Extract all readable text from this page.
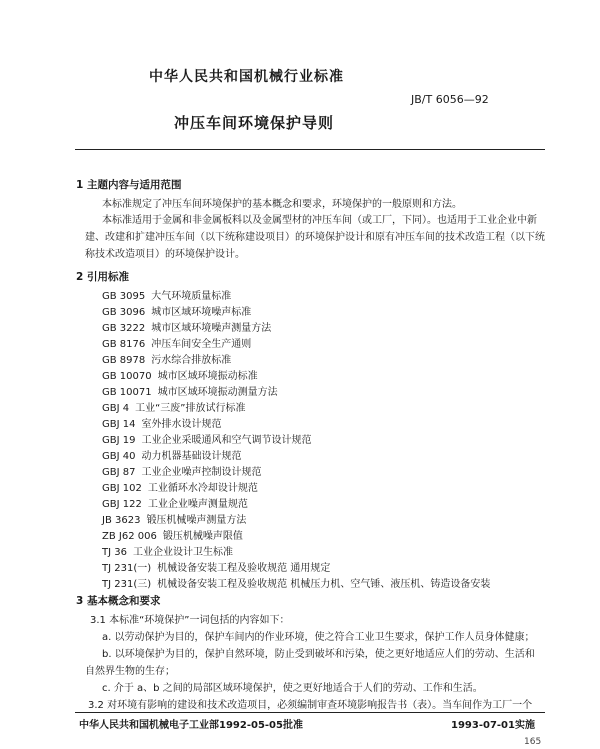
中华人民共和国机械行业标准
JB/T 6056—92
冲压车间环境保护导则
1 主题内容与适用范围
本标准规定了冲压车间环境保护的基本概念和要求，环境保护的一般原则和方法。
本标准适用于金属和非金属板料以及金属型材的冲压车间（或工厂，下同）。也适用于工业企业中新
建、改建和扩建冲压车间（以下统称建设项目）的环境保护设计和原有冲压车间的技术改造工程（以下统
称技术改造项目）的环境保护设计。
2 引用标准
GB 3095 大气环境质量标准
GB 3096 城市区域环境噪声标准
GB 3222 城市区域环境噪声测量方法
GB 8176 冲压车间安全生产通则
GB 8978 污水综合排放标准
GB 10070 城市区域环境振动标准
GB 10071 城市区域环境振动测量方法
GBJ 4 工业“三废”排放试行标准
GBJ 14 室外排水设计规范
GBJ 19 工业企业采暖通风和空气调节设计规范
GBJ 40 动力机器基础设计规范
GBJ 87 工业企业噪声控制设计规范
GBJ 102 工业循环水冷却设计规范
GBJ 122 工业企业噪声测量规范
JB 3623 锻压机械噪声测量方法
ZB J62 006 锻压机械噪声限值
TJ 36 工业企业设计卫生标准
TJ 231(一) 机械设备安装工程及验收规范 通用规定
TJ 231(三) 机械设备安装工程及验收规范 机械压力机、空气锤、液压机、铸造设备安装
3 基本概念和要求
3.1 本标准“环境保护”一词包括的内容如下：
a. 以劳动保护为目的，保护车间内的作业环境，使之符合工业卫生要求，保护工作人员身体健康；
b. 以环境保护为目的，保护自然环境，防止受到破坏和污染，使之更好地适应人们的劳动、生活和
自然界生物的生存；
c. 介于 a、b 之间的局部区域环境保护，使之更好地适合于人们的劳动、工作和生活。
3.2 对环境有影响的建设和技术改造项目，必须编制审查环境影响报告书（表）。当车间作为工厂一个
中华人民共和国机械电子工业部1992-05-05批准	1993-07-01实施
165
